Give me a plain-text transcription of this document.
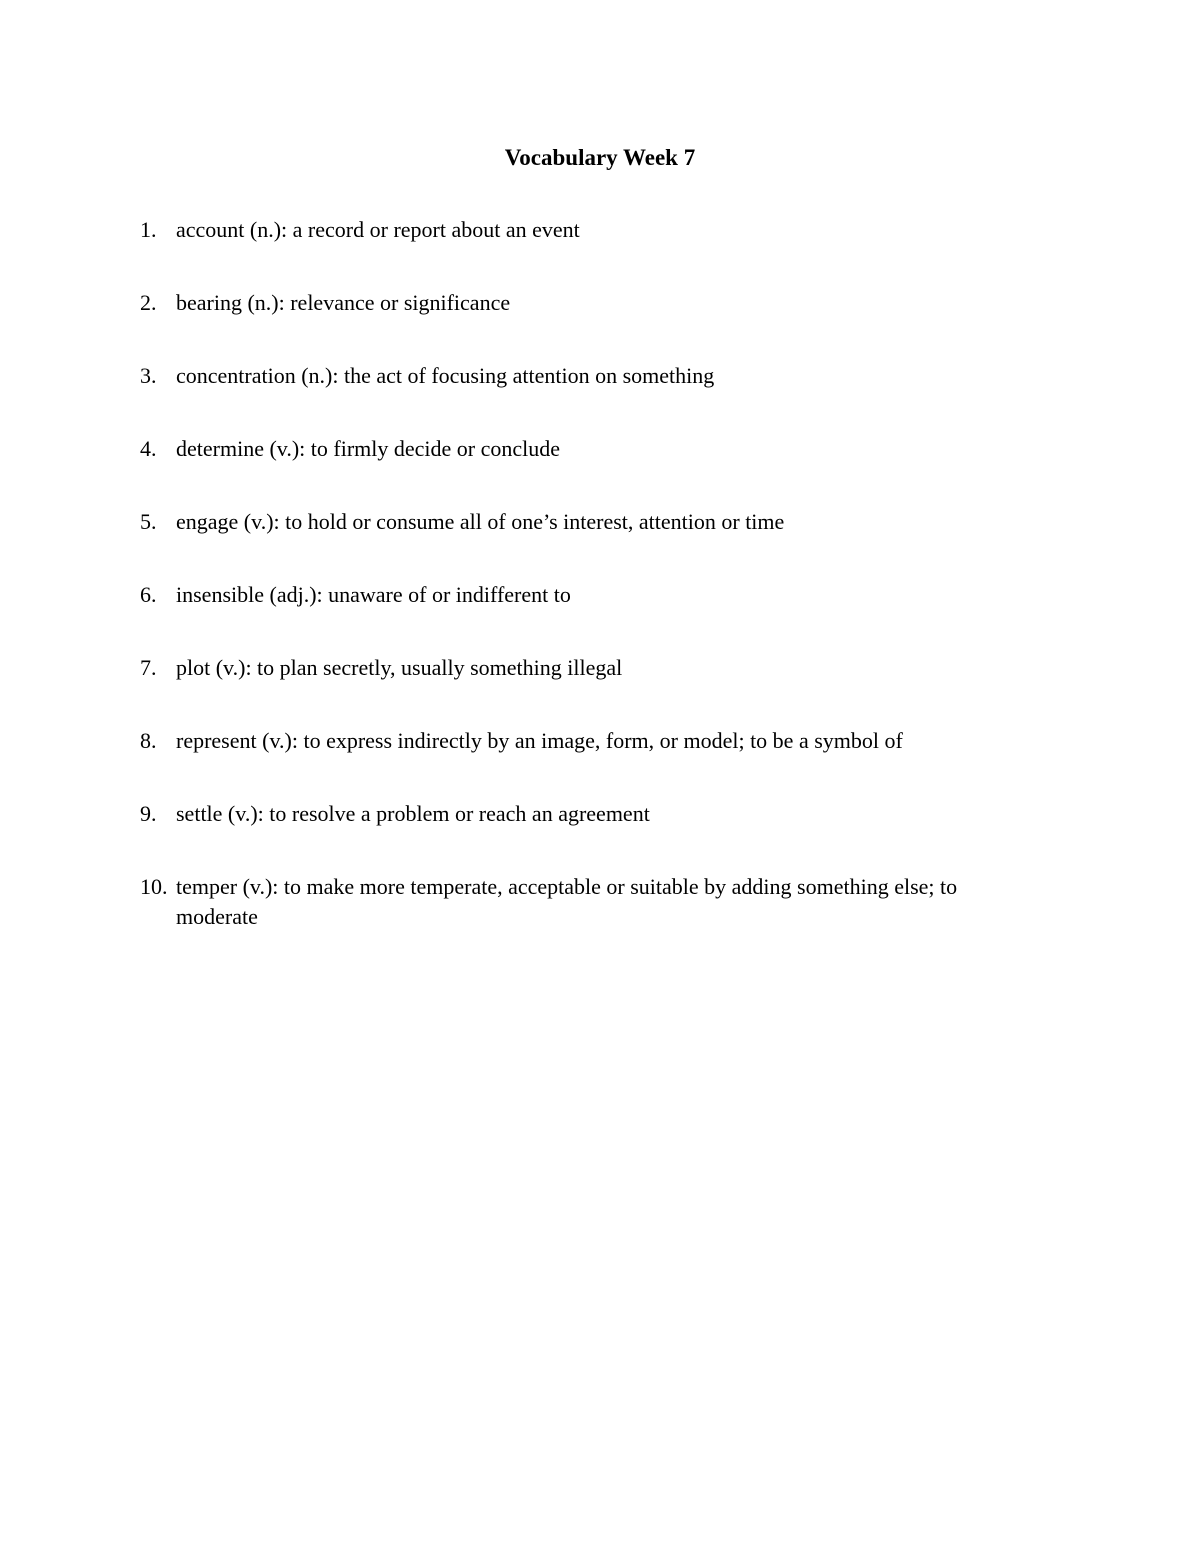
Vocabulary Week 7
1. account (n.): a record or report about an event
2. bearing (n.): relevance or significance
3. concentration (n.): the act of focusing attention on something
4. determine (v.): to firmly decide or conclude
5. engage (v.): to hold or consume all of one’s interest, attention or time
6. insensible (adj.): unaware of or indifferent to
7. plot (v.): to plan secretly, usually something illegal
8. represent (v.): to express indirectly by an image, form, or model; to be a symbol of
9. settle (v.): to resolve a problem or reach an agreement
10. temper (v.): to make more temperate, acceptable or suitable by adding something else; to moderate
